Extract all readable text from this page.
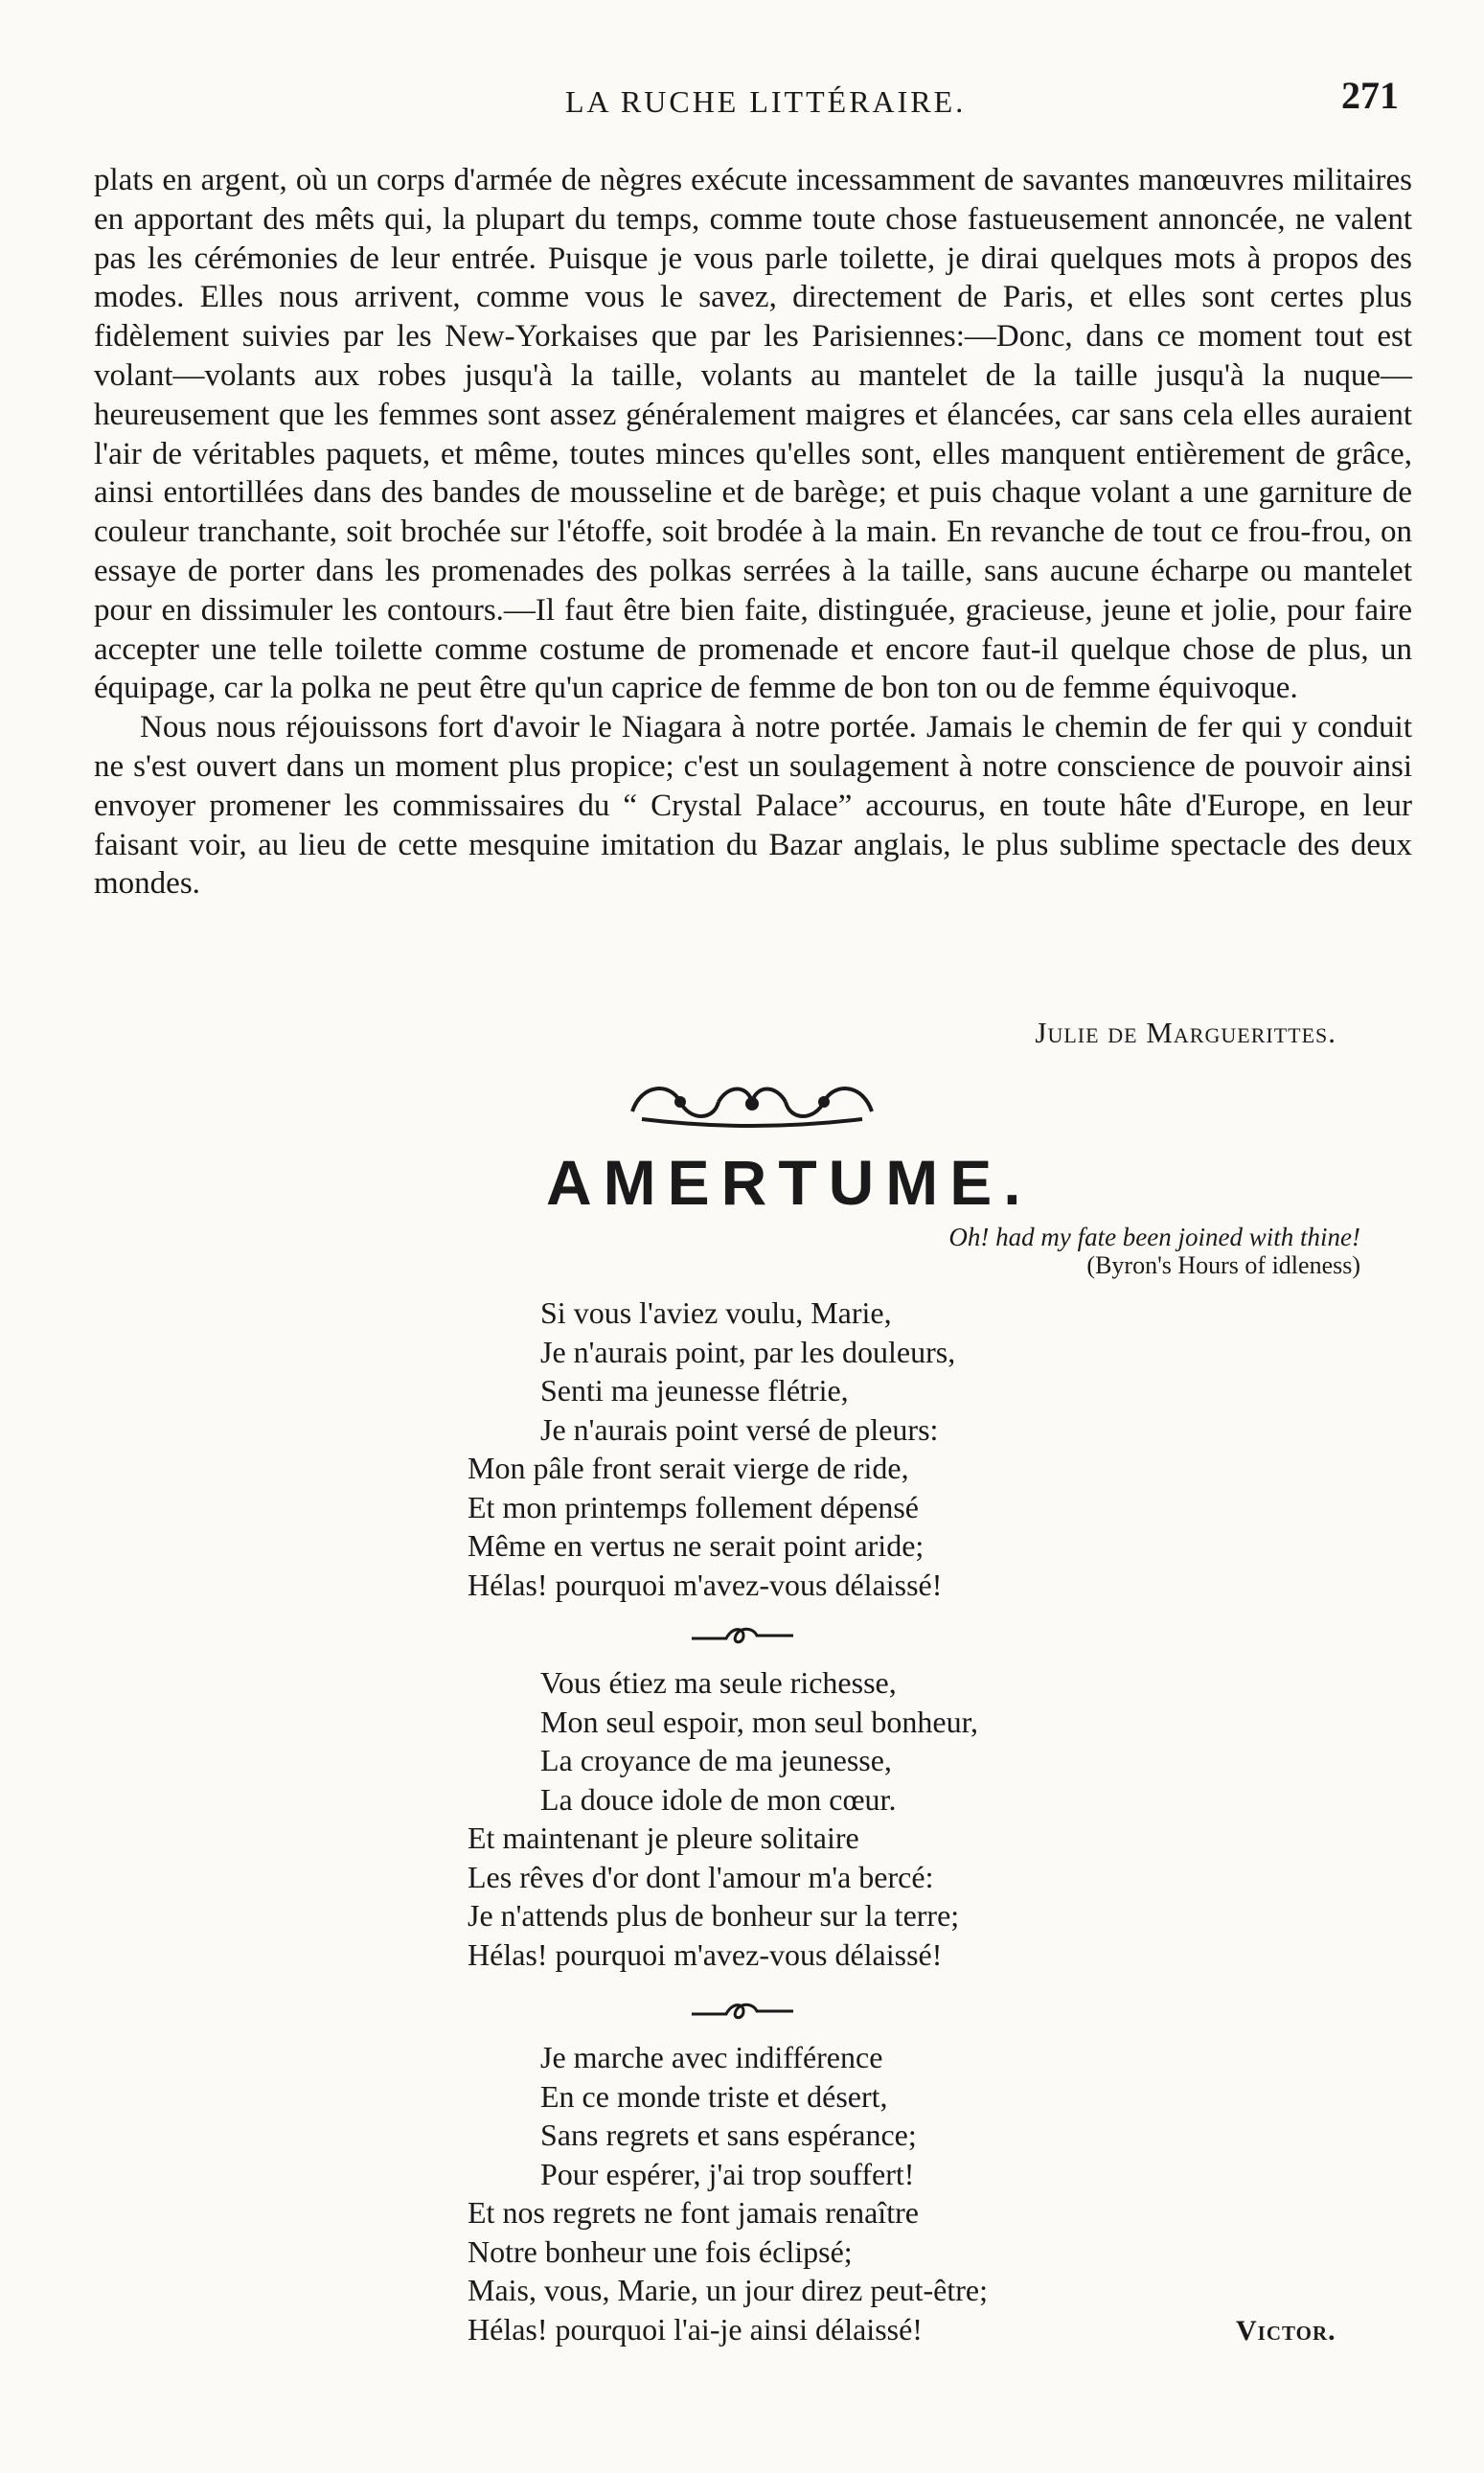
LA RUCHE LITTÉRAIRE.	271

plats en argent, où un corps d'armée de nègres exécute incessamment de savantes manœuvres militaires en apportant des mêts qui, la plupart du temps, comme toute chose fastueusement annoncée, ne valent pas les cérémonies de leur entrée. Puisque je vous parle toilette, je dirai quelques mots à propos des modes. Elles nous arrivent, comme vous le savez, directement de Paris, et elles sont certes plus fidèlement suivies par les New-Yorkaises que par les Parisiennes:—Donc, dans ce moment tout est volant—volants aux robes jusqu'à la taille, volants au mantelet de la taille jusqu'à la nuque—heureusement que les femmes sont assez généralement maigres et élancées, car sans cela elles auraient l'air de véritables paquets, et même, toutes minces qu'elles sont, elles manquent entièrement de grâce, ainsi entortillées dans des bandes de mousseline et de barège; et puis chaque volant a une garniture de couleur tranchante, soit brochée sur l'étoffe, soit brodée à la main. En revanche de tout ce frou-frou, on essaye de porter dans les promenades des polkas serrées à la taille, sans aucune écharpe ou mantelet pour en dissimuler les contours.—Il faut être bien faite, distinguée, gracieuse, jeune et jolie, pour faire accepter une telle toilette comme costume de promenade et encore faut-il quelque chose de plus, un équipage, car la polka ne peut être qu'un caprice de femme de bon ton ou de femme équivoque.

Nous nous réjouissons fort d'avoir le Niagara à notre portée. Jamais le chemin de fer qui y conduit ne s'est ouvert dans un moment plus propice; c'est un soulagement à notre conscience de pouvoir ainsi envoyer promener les commissaires du “ Crystal Palace” accourus, en toute hâte d'Europe, en leur faisant voir, au lieu de cette mesquine imitation du Bazar anglais, le plus sublime spectacle des deux mondes.

Julie de Marguerittes.
AMERTUME.
Oh! had my fate been joined with thine!
(Byron's Hours of idleness)
Si vous l'aviez voulu, Marie,
Je n'aurais point, par les douleurs,
Senti ma jeunesse flétrie,
Je n'aurais point versé de pleurs:
Mon pâle front serait vierge de ride,
Et mon printemps follement dépensé
Même en vertus ne serait point aride;
Hélas! pourquoi m'avez-vous délaissé!
Vous étiez ma seule richesse,
Mon seul espoir, mon seul bonheur,
La croyance de ma jeunesse,
La douce idole de mon cœur.
Et maintenant je pleure solitaire
Les rêves d'or dont l'amour m'a bercé:
Je n'attends plus de bonheur sur la terre;
Hélas! pourquoi m'avez-vous délaissé!
Je marche avec indifférence
En ce monde triste et désert,
Sans regrets et sans espérance;
Pour espérer, j'ai trop souffert!
Et nos regrets ne font jamais renaître
Notre bonheur une fois éclipsé;
Mais, vous, Marie, un jour direz peut-être;
Hélas! pourquoi l'ai-je ainsi délaissé!	Victor.
